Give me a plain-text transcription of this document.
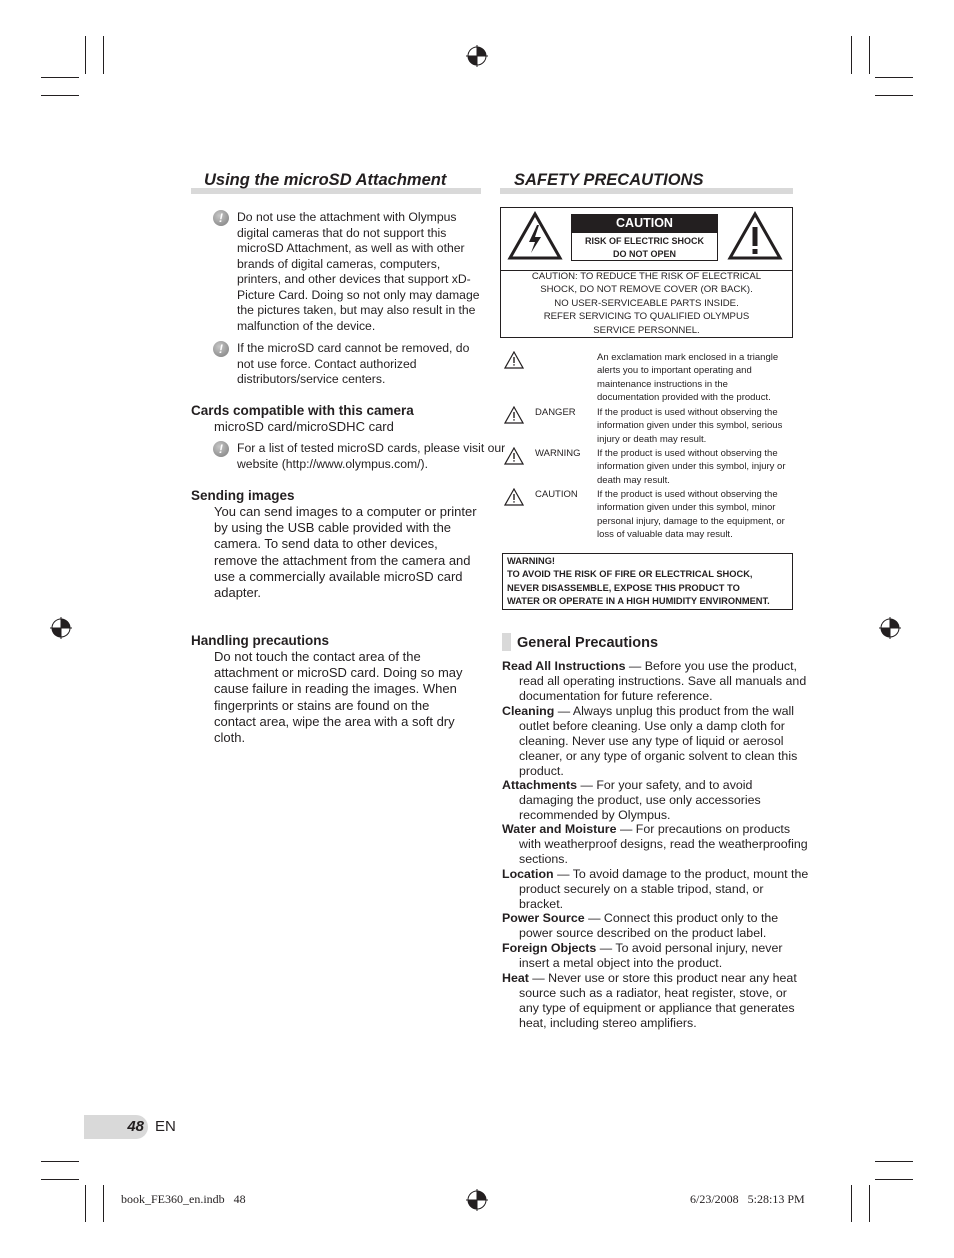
Using the microSD Attachment
!	Do not use the attachment with Olympus digital cameras that do not support this microSD Attachment, as well as with other brands of digital cameras, computers, printers, and other devices that support xD-Picture Card. Doing so not only may damage the pictures taken, but may also result in the malfunction of the device.
!	If the microSD card cannot be removed, do not use force. Contact authorized distributors/service centers.
Cards compatible with this camera
microSD card/microSDHC card
!	For a list of tested microSD cards, please visit our website (http://www.olympus.com/).
Sending images
You can send images to a computer or printer by using the USB cable provided with the camera. To send data to other devices, remove the attachment from the camera and use a commercially available microSD card adapter.
Handling precautions
Do not touch the contact area of the attachment or microSD card. Doing so may cause failure in reading the images. When fingerprints or stains are found on the contact area, wipe the area with a soft dry cloth.
SAFETY PRECAUTIONS
CAUTION
RISK OF ELECTRIC SHOCK
DO NOT OPEN
CAUTION: TO REDUCE THE RISK OF ELECTRICAL
SHOCK, DO NOT REMOVE COVER (OR BACK).
NO USER-SERVICEABLE PARTS INSIDE.
REFER SERVICING TO QUALIFIED OLYMPUS
SERVICE PERSONNEL.
An exclamation mark enclosed in a triangle alerts you to important operating and maintenance instructions in the documentation provided with the product.
DANGER If the product is used without observing the information given under this symbol, serious injury or death may result.
WARNING If the product is used without observing the information given under this symbol, injury or death may result.
CAUTION If the product is used without observing the information given under this symbol, minor personal injury, damage to the equipment, or loss of valuable data may result.
WARNING!
TO AVOID THE RISK OF FIRE OR ELECTRICAL SHOCK,
NEVER DISASSEMBLE, EXPOSE THIS PRODUCT TO
WATER OR OPERATE IN A HIGH HUMIDITY ENVIRONMENT.
General Precautions
Read All Instructions — Before you use the product, read all operating instructions. Save all manuals and documentation for future reference.
Cleaning — Always unplug this product from the wall outlet before cleaning. Use only a damp cloth for cleaning. Never use any type of liquid or aerosol cleaner, or any type of organic solvent to clean this product.
Attachments — For your safety, and to avoid damaging the product, use only accessories recommended by Olympus.
Water and Moisture — For precautions on products with weatherproof designs, read the weatherproofing sections.
Location — To avoid damage to the product, mount the product securely on a stable tripod, stand, or bracket.
Power Source — Connect this product only to the power source described on the product label.
Foreign Objects — To avoid personal injury, never insert a metal object into the product.
Heat — Never use or store this product near any heat source such as a radiator, heat register, stove, or any type of equipment or appliance that generates heat, including stereo amplifiers.
48 EN
book_FE360_en.indb   48	6/23/2008   5:28:13 PM
